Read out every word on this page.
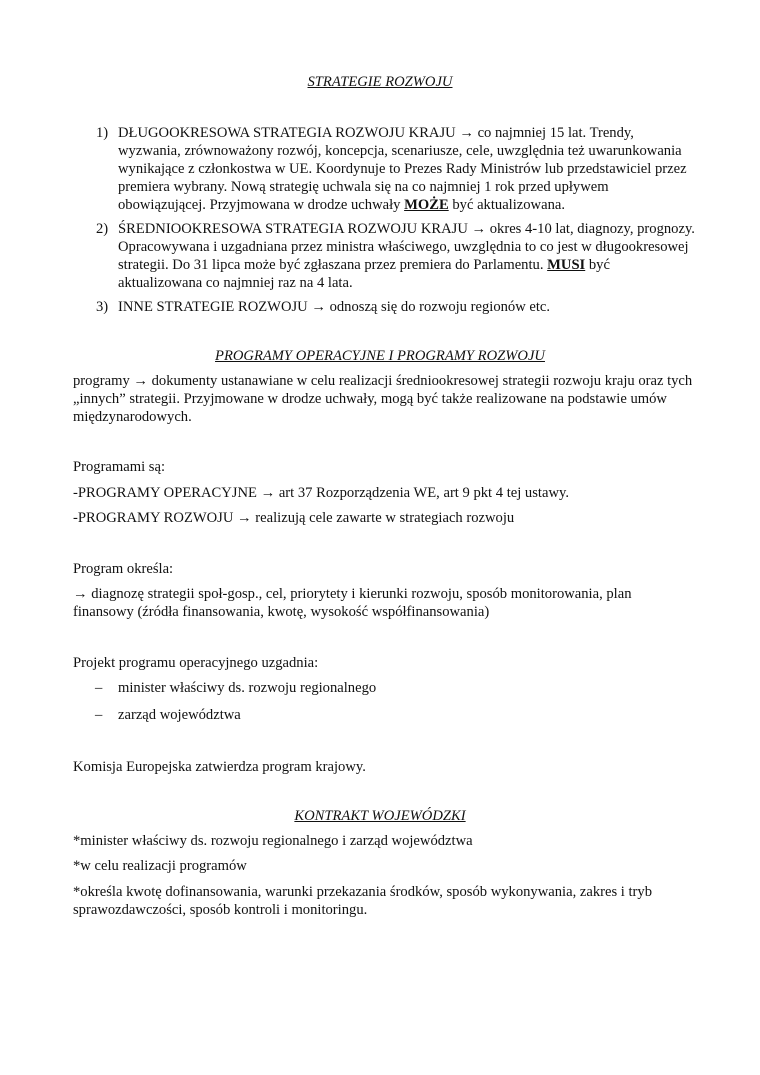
STRATEGIE ROZWOJU
1) DŁUGOOKRESOWA STRATEGIA ROZWOJU KRAJU → co najmniej 15 lat. Trendy, wyzwania, zrównoważony rozwój, koncepcja, scenariusze, cele, uwzględnia też uwarunkowania wynikające z członkostwa w UE. Koordynuje to Prezes Rady Ministrów lub przedstawiciel przez premiera wybrany. Nową strategię uchwala się na co najmniej 1 rok przed upływem obowiązującej. Przyjmowana w drodze uchwały MOŻE być aktualizowana.
2) ŚREDNIOOKRESOWA STRATEGIA ROZWOJU KRAJU → okres 4-10 lat, diagnozy, prognozy. Opracowywana i uzgadniana przez ministra właściwego, uwzględnia to co jest w długookresowej strategii. Do 31 lipca może być zgłaszana przez premiera do Parlamentu. MUSI być aktualizowana co najmniej raz na 4 lata.
3) INNE STRATEGIE ROZWOJU → odnoszą się do rozwoju regionów etc.
PROGRAMY OPERACYJNE I PROGRAMY ROZWOJU
programy → dokumenty ustanawiane w celu realizacji średniookresowej strategii rozwoju kraju oraz tych „innych” strategii. Przyjmowane w drodze uchwały, mogą być także realizowane na podstawie umów międzynarodowych.
Programami są:
-PROGRAMY OPERACYJNE → art 37 Rozporządzenia WE, art 9 pkt 4 tej ustawy.
-PROGRAMY ROZWOJU → realizują cele zawarte w strategiach rozwoju
Program określa:
→ diagnozę strategii społ-gosp., cel, priorytety i kierunki rozwoju, sposób monitorowania, plan finansowy (źródła finansowania, kwotę, wysokość współfinansowania)
Projekt programu operacyjnego uzgadnia:
– minister właściwy ds. rozwoju regionalnego
– zarząd województwa
Komisja Europejska zatwierdza program krajowy.
KONTRAKT WOJEWÓDZKI
*minister właściwy ds. rozwoju regionalnego i zarząd województwa
*w celu realizacji programów
*określa kwotę dofinansowania, warunki przekazania środków, sposób wykonywania, zakres i tryb sprawozdawczości, sposób kontroli i monitoringu.
